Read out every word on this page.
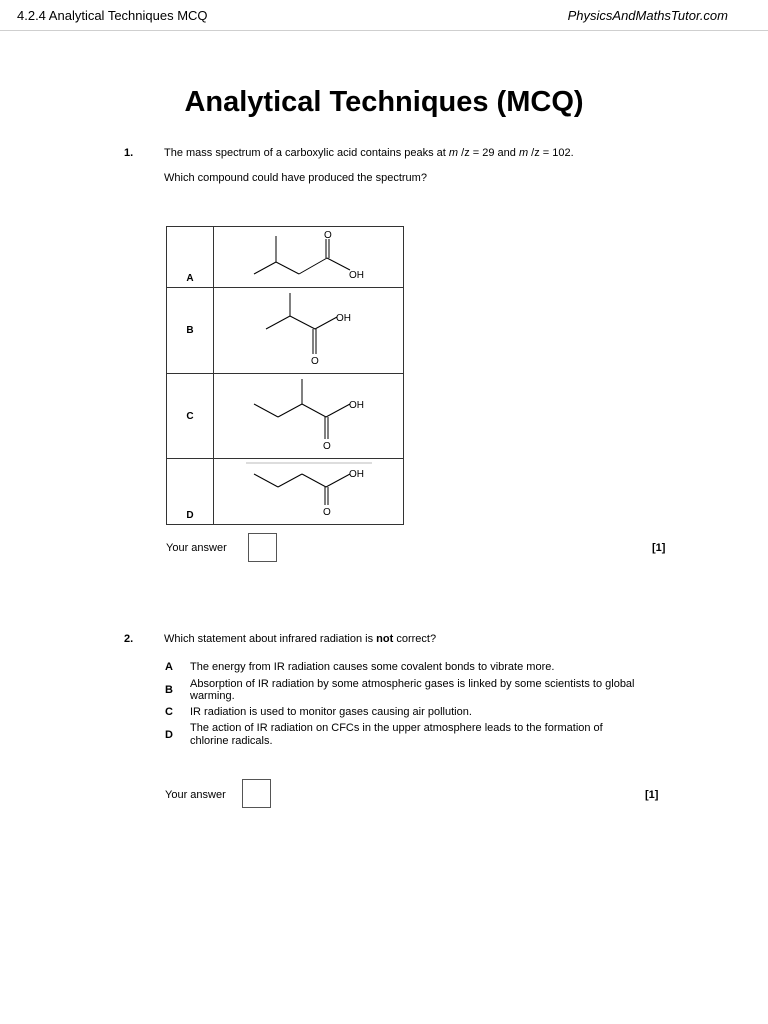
4.2.4 Analytical Techniques MCQ	PhysicsAndMathsTutor.com
Analytical Techniques (MCQ)
1.	The mass spectrum of a carboxylic acid contains peaks at m /z = 29 and m /z = 102.
Which compound could have produced the spectrum?
A	O
OH

B	OH
O

C	OH
O

D	OH
O
Your answer	[1]
2.	Which statement about infrared radiation is not correct?
A The energy from IR radiation causes some covalent bonds to vibrate more.
B Absorption of IR radiation by some atmospheric gases is linked by some scientists to global
warming.
C IR radiation is used to monitor gases causing air pollution.
D
The action of IR radiation on CFCs in the upper atmosphere leads to the formation of
chlorine radicals.
Your answer	[1]
